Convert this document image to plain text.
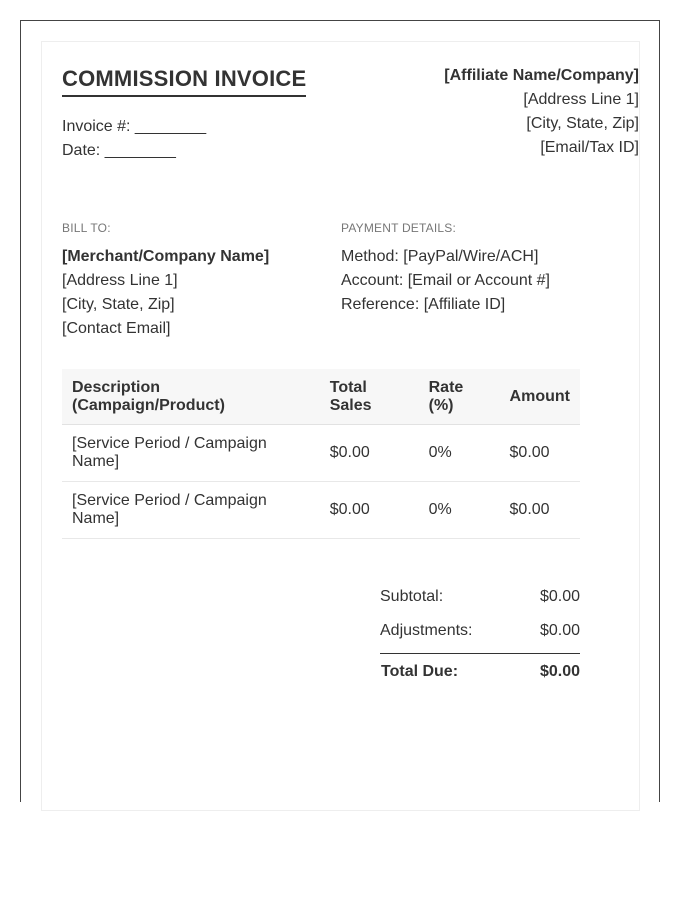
COMMISSION INVOICE
Invoice #: ________
Date: ________
[Affiliate Name/Company]
[Address Line 1]
[City, State, Zip]
[Email/Tax ID]
BILL TO:	PAYMENT DETAILS:
[Merchant/Company Name]
[Address Line 1]
[City, State, Zip]
[Contact Email]
Method: [PayPal/Wire/ACH]
Account: [Email or Account #]
Reference: [Affiliate ID]
Description (Campaign/Product)	Total Sales	Rate (%)	Amount
[Service Period / Campaign Name]	$0.00	0%	$0.00
[Service Period / Campaign Name]	$0.00	0%	$0.00
Subtotal:	$0.00
Adjustments:	$0.00
Total Due:	$0.00
